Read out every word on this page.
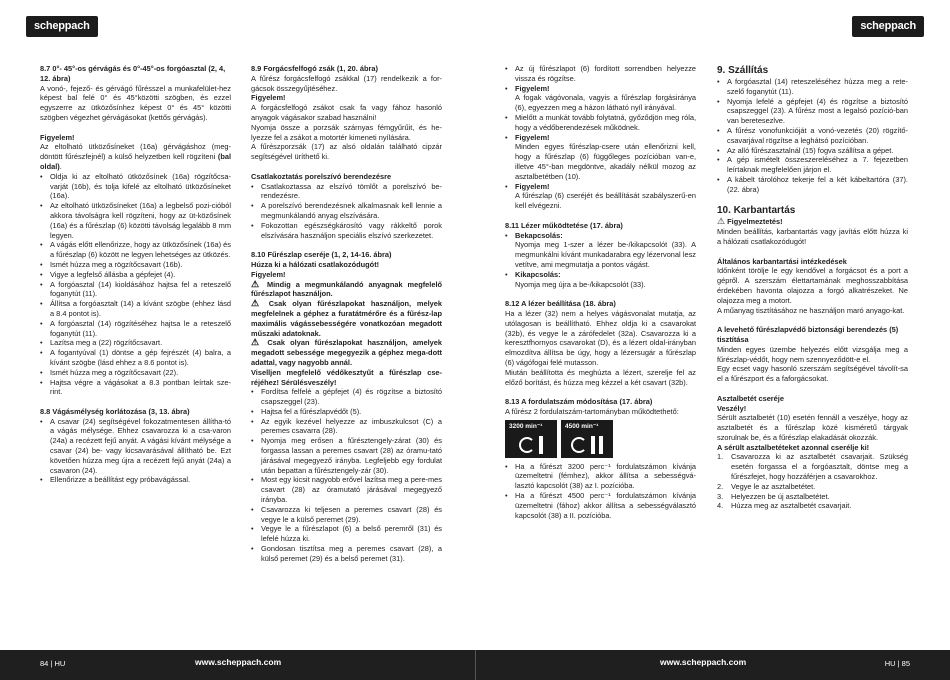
scheppach	scheppach

8.7 0°- 45°-os gérvágás és 0°-45°-os forgóasztal (2, 4, 12. ábra)

A vonó-, fejező- és gérvágó fűrésszel a munkafelület-hez képest bal felé 0° és 45°közötti szögben, és ezzel egyszerre az ütközősínhez képest 0° és 45° közötti szögben végezhet gérvágásokat (kettős gérvágás).

Figyelem!

Az eltolható ütközősíneket (16a) gérvágáshoz (meg-döntött fűrészfejnél) a külső helyzetben kell rögzíteni (bal oldal).

• Oldja ki az eltolható ütközősínek (16a) rögzítőcsa-varját (16b), és tolja kifelé az eltolható ütközősíneket (16a).
• Az eltolható ütközősíneket (16a) a legbelső pozi-cióból akkora távolságra kell rögzíteni, hogy az üt-közősínek (16a) és a fűrészlap (6) közötti távolság legalább 8 mm legyen.
• A vágás előtt ellenőrizze, hogy az ütközősínek (16a) és a fűrészlap (6) között ne legyen lehetséges az ütközés.
• Ismét húzza meg a rögzítőcsavart (16b).
• Vigye a legfelső állásba a gépfejet (4).
• A forgóasztal (14) kioldásához hajtsa fel a reteszelő foganytút (11).
• Állítsa a forgóasztalt (14) a kívánt szögbe (ehhez lásd a 8.4 pontot is).
• A forgóasztal (14) rögzítéséhez hajtsa le a reteszelő foganytút (11).
• Lazítsa meg a (22) rögzítőcsavart.
• A fogantyúval (1) döntse a gép fejrészét (4) balra, a kívánt szögbe (lásd ehhez a 8.6 pontot is).
• Ismét húzza meg a rögzítőcsavart (22).
• Hajtsa végre a vágásokat a 8.3 pontban leírtak sze-rint.

8.8 Vágásmélység korlátozása (3, 13. ábra)

• A csavar (24) segítségével fokozatmentesen állítha-tó a vágás mélysége. Ehhez csavarozza ki a csa-varon (24a) a recézett fejű anyát. A vágási kívánt mélysége a csavar (24) be- vagy kicsavarásával állítható be. Ezt követően húzza meg újra a recézett fejű anyát (24a) a csavaron (24).
• Ellenőrizze a beállítást egy próbavágással.

8.9 Forgácsfelfogó zsák (1, 20. ábra)

A fűrész forgácsfelfogó zsákkal (17) rendelkezik a for-gácsok összegyűjtéséhez.

Figyelem!

A forgácsfelfogó zsákot csak fa vagy fához hasonló anyagok vágásakor szabad használni!

Nyomja össze a porzsák szárnyas fémgyűrűit, és he-lyezze fel a zsákot a motortér kimeneti nyílására.

A fűrészporzsák (17) az alsó oldalán található cipzár segítségével üríthető ki.

Csatlakoztatás porelszívó berendezésre

• Csatlakoztassa az elszívó tömlőt a porelszívó be-rendezésre.
• A porelszívó berendezésnek alkalmasnak kell lennie a megmunkálandó anyag elszívására.
• Fokozottan egészségkárosító vagy rákkeltő porok elszívására használjon speciális elszívó szerkezetet.

8.10 Fűrészlap cseréje (1, 2, 14-16. ábra)

Húzza ki a hálózati csatlakozódugót!

Figyelem!

⚠ Mindig a megmunkálandó anyagnak megfelelő fűrészlapot használjon.

⚠ Csak olyan fűrészlapokat használjon, melyek megfelelnek a géphez a furatátmérőre és a fűrész-lap maximális vágássebességére vonatkozóan megadott műszaki adatoknak.

⚠ Csak olyan fűrészlapokat használjon, amelyek megadott sebessége megegyezik a géphez megа-dott adattal, vagy nagyobb annál.

Viselljen megfelelő védőkesztyűt a fűrészlap cse-réjéhez! Sérülésveszély!

• Fordítsa felfelé a gépfejet (4) és rögzítse a biztosító csapszeggel (23).
• Hajtsa fel a fűrészlapvédőt (5).
• Az egyik kezével helyezze az imbuszkulcsot (C) a peremes csavarra (28).
• Nyomja meg erősen a fűrésztengely-zárat (30) és forgassa lassan a peremes csavart (28) az óramu-tató járásával megegyező irányba. Legfeljebb egy fordulat után bepattan a fűrésztengely-zár (30).
• Most egy kicsit nagyobb erővel lazítsa meg a pere-mes csavart (28) az óramutató járásával megegyező irányba.
• Csavarozza ki teljesen a peremes csavart (28) és vegye le a külső peremet (29).
• Vegye le a fűrészlapot (6) a belső peremről (31) és lefelé húzza ki.
• Gondosan tisztítsa meg a peremes csavart (28), a külső peremet (29) és a belső peremet (31).
• Az új fűrészlapot (6) fordított sorrendben helyezze vissza és rögzítse.
• Figyelem!
A fogak vágóvonala, vagyis a fűrészlap forgásiránya (6), egyezzen meg a házon látható nyíl irányával.
• Mielőtt a munkát tovább folytatná, győződjön meg róla, hogy a védőberendezések működnek.
• Figyelem!
Minden egyes fűrészlap-csere után ellenőrizni kell, hogy a fűrészlap (6) függőleges pozícióban van-e, illetve 45°-ban megdöntve, akadály nélkül mozog az asztalbetétben (10).
• Figyelem!
A fűrészlap (6) cseréjét és beállítását szabályszerű-en kell elvégezni.

8.11 Lézer működtetése (17. ábra)

• Bekapcsolás:
Nyomja meg 1-szer a lézer be-/kikapcsolót (33). A megmunkálni kívánt munkadarabra egy lézervonal lesz vetítve, ami megmutatja a pontos vágást.
• Kikapcsolás:
Nyomja meg újra a be-/kikapcsolót (33).

8.12 A lézer beállítása (18. ábra)

Ha a lézer (32) nem a helyes vágásvonalat mutatja, az utólagosan is beállítható. Ehhez oldja ki a csavarokat (32b), és vegye le a zárófedelet (32a). Csavarozza ki a keresztfhornyos csavarokat (D), és a lézert oldal-irányban elmozdítva állítsa be úgy, hogy a lézersugár a fűrészlap (6) vágófogai felé mutasson.

Miután beállította és meghúzta a lézert, szerelje fel az előző borítást, és húzza meg kézzel a két csavart (32b).

8.13 A fordulatszám módosítása (17. ábra)

A fűrész 2 fordulatszám-tartományban működtethető:

3200 min⁻¹	4500 min⁻¹
• Ha a fűrészt 3200 perc⁻¹ fordulatszámon kívánja üzemeltetni (fémhez), akkor állítsa a sebességvá-lasztó kapcsolót (38) az I. pozícióba.
• Ha a fűrészt 4500 perc⁻¹ fordulatszámon kívánja üzemeltetni (fához) akkor állítsa a sebességválasztó kapcsolót (38) a II. pozícióba.

9. Szállítás

• A forgóasztal (14) reteszeléséhez húzza meg a rete-szelő foganytút (11).
• Nyomja lefelé a gépfejet (4) és rögzítse a biztosító csapszeggel (23). A fűrész most a legalsó pozíció-ban van beretesezlve.
• A fűrész vonofunkcióját a vonó-vezetés (20) rögzítő-csavarjával rögzítse a leghátsó pozícióban.
• Az alló fűrészasztalnál (15) fogva szállítsa a gépet.
• A gép ismételt összeszereléséhez a 7. fejezetben leírtaknak megfelelően járjon el.
• A kábelt tárolóhoz tekerje fel a két kábeltartóra (37). (22. ábra)

10. Karbantartás

⚠ Figyelmeztetés!

Minden beállítás, karbantartás vagy javítás előtt húzza ki a hálózati csatlakozódugót!

Általános karbantartási intézkedések

Időnként törölje le egy kendővel a forgácsot és a port a gépről. A szerszám élettartamának meghosszabbítása érdekében havonta olajozza a forgó alkatrészeket. Ne olajozza meg a motort.

A műanyag tisztításához ne használjon maró anyago-kat.

A levehető fűrészlapvédő biztonsági berendezés (5) tisztítása

Minden egyes üzembe helyezés előtt vizsgálja meg a fűrészlap-védőt, hogy nem szennyeződött-e el.

Egy ecset vagy hasonló szerszám segítségével távolít-sa el a fűrészport és a faforgácsokat.

Asztalbetét cseréje

Veszély!

Sérült asztalbetét (10) esetén fennáll a veszélye, hogy az asztalbetét és a fűrészlap közé kisméretű tárgyak szorulnak be, és a fűrészlap elakadását okozzák.

A sérült asztalbetéteket azonnal cserélje ki!

1. Csavarozza ki az asztalbetét csavarjait. Szükség esetén forgassa el a forgóasztalt, döntse meg a fűrészfejet, hogy hozzáférjen a csavarokhoz.
2. Vegye le az asztalbetétet.
3. Helyezzen be új asztalbetétet.
4. Húzza meg az asztalbetét csavarjait.
84 | HU	www.scheppach.com	www.scheppach.com	HU | 85
